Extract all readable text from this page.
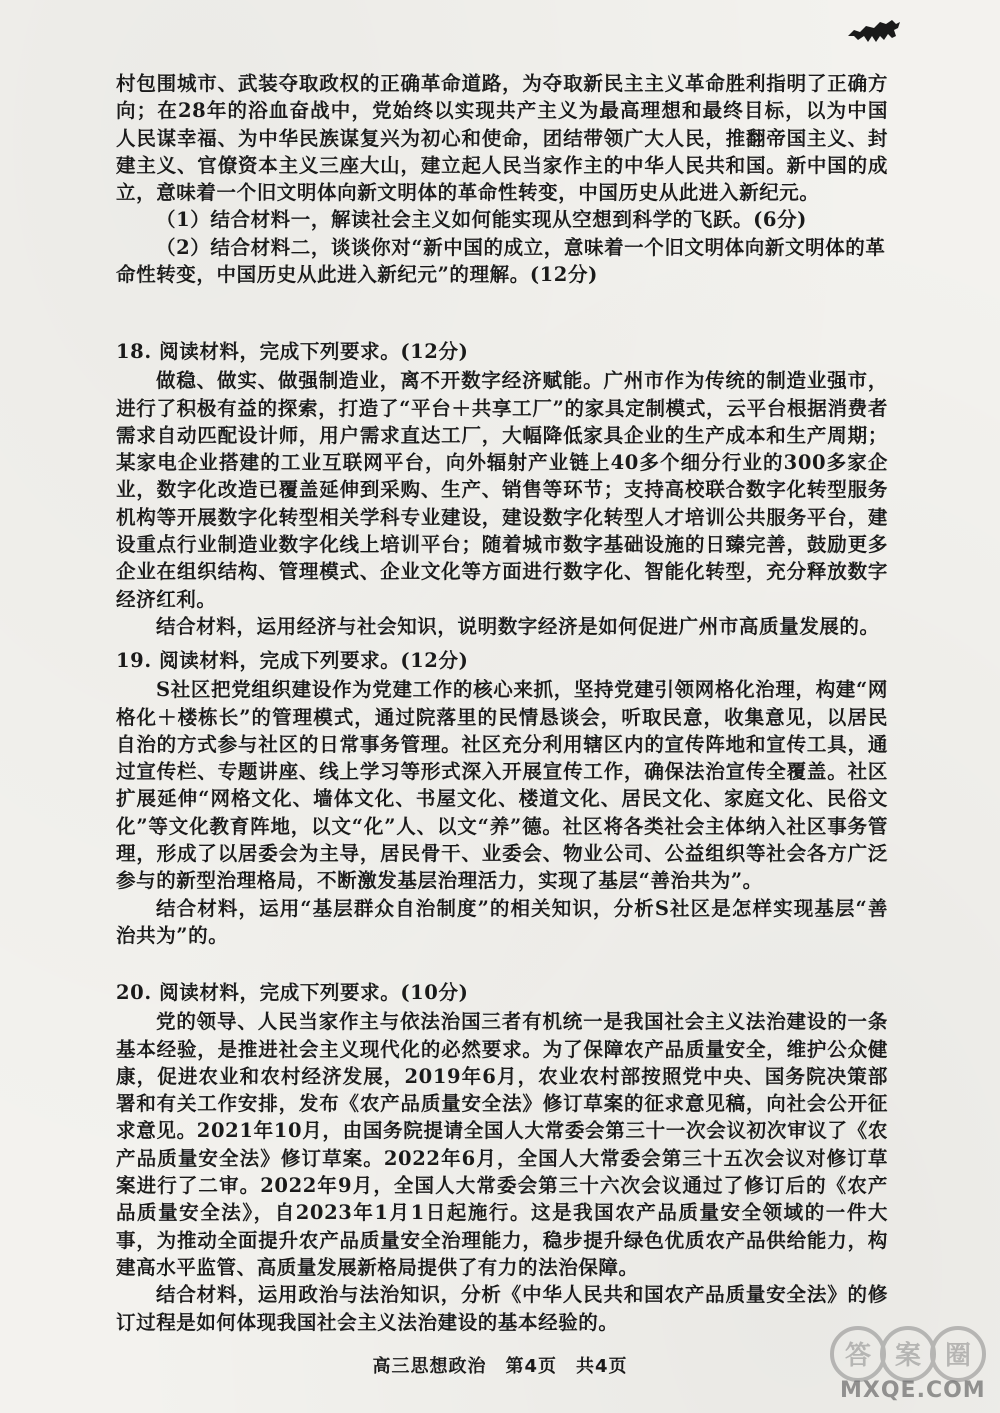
村包围城市、武装夺取政权的正确革命道路，为夺取新民主主义革命胜利指明了正确方向；在28年的浴血奋战中，党始终以实现共产主义为最高理想和最终目标，以为中国人民谋幸福、为中华民族谋复兴为初心和使命，团结带领广大人民，推翻帝国主义、封建主义、官僚资本主义三座大山，建立起人民当家作主的中华人民共和国。新中国的成立，意味着一个旧文明体向新文明体的革命性转变，中国历史从此进入新纪元。

（1）结合材料一，解读社会主义如何能实现从空想到科学的飞跃。(6分)

（2）结合材料二，谈谈你对“新中国的成立，意味着一个旧文明体向新文明体的革命性转变，中国历史从此进入新纪元”的理解。(12分)

18. 阅读材料，完成下列要求。(12分)

做稳、做实、做强制造业，离不开数字经济赋能。广州市作为传统的制造业强市，进行了积极有益的探索，打造了“平台＋共享工厂”的家具定制模式，云平台根据消费者需求自动匹配设计师，用户需求直达工厂，大幅降低家具企业的生产成本和生产周期；某家电企业搭建的工业互联网平台，向外辐射产业链上40多个细分行业的300多家企业，数字化改造已覆盖延伸到采购、生产、销售等环节；支持高校联合数字化转型服务机构等开展数字化转型相关学科专业建设，建设数字化转型人才培训公共服务平台，建设重点行业制造业数字化线上培训平台；随着城市数字基础设施的日臻完善，鼓励更多企业在组织结构、管理模式、企业文化等方面进行数字化、智能化转型，充分释放数字经济红利。

结合材料，运用经济与社会知识，说明数字经济是如何促进广州市高质量发展的。

19. 阅读材料，完成下列要求。(12分)

S社区把党组织建设作为党建工作的核心来抓，坚持党建引领网格化治理，构建“网格化＋楼栋长”的管理模式，通过院落里的民情恳谈会，听取民意，收集意见，以居民自治的方式参与社区的日常事务管理。社区充分利用辖区内的宣传阵地和宣传工具，通过宣传栏、专题讲座、线上学习等形式深入开展宣传工作，确保法治宣传全覆盖。社区扩展延伸“网格文化、墙体文化、书屋文化、楼道文化、居民文化、家庭文化、民俗文化”等文化教育阵地，以文“化”人、以文“养”德。社区将各类社会主体纳入社区事务管理，形成了以居委会为主导，居民骨干、业委会、物业公司、公益组织等社会各方广泛参与的新型治理格局，不断激发基层治理活力，实现了基层“善治共为”。

结合材料，运用“基层群众自治制度”的相关知识，分析S社区是怎样实现基层“善治共为”的。

20. 阅读材料，完成下列要求。(10分)

党的领导、人民当家作主与依法治国三者有机统一是我国社会主义法治建设的一条基本经验，是推进社会主义现代化的必然要求。为了保障农产品质量安全，维护公众健康，促进农业和农村经济发展，2019年6月，农业农村部按照党中央、国务院决策部署和有关工作安排，发布《农产品质量安全法》修订草案的征求意见稿，向社会公开征求意见。2021年10月，由国务院提请全国人大常委会第三十一次会议初次审议了《农产品质量安全法》修订草案。2022年6月，全国人大常委会第三十五次会议对修订草案进行了二审。2022年9月，全国人大常委会第三十六次会议通过了修订后的《农产品质量安全法》，自2023年1月1日起施行。这是我国农产品质量安全领域的一件大事，为推动全面提升农产品质量安全治理能力，稳步提升绿色优质农产品供给能力，构建高水平监管、高质量发展新格局提供了有力的法治保障。

结合材料，运用政治与法治知识，分析《中华人民共和国农产品质量安全法》的修订过程是如何体现我国社会主义法治建设的基本经验的。

高三思想政治　第4页　共4页	答 案 圈
MXQE.COM
